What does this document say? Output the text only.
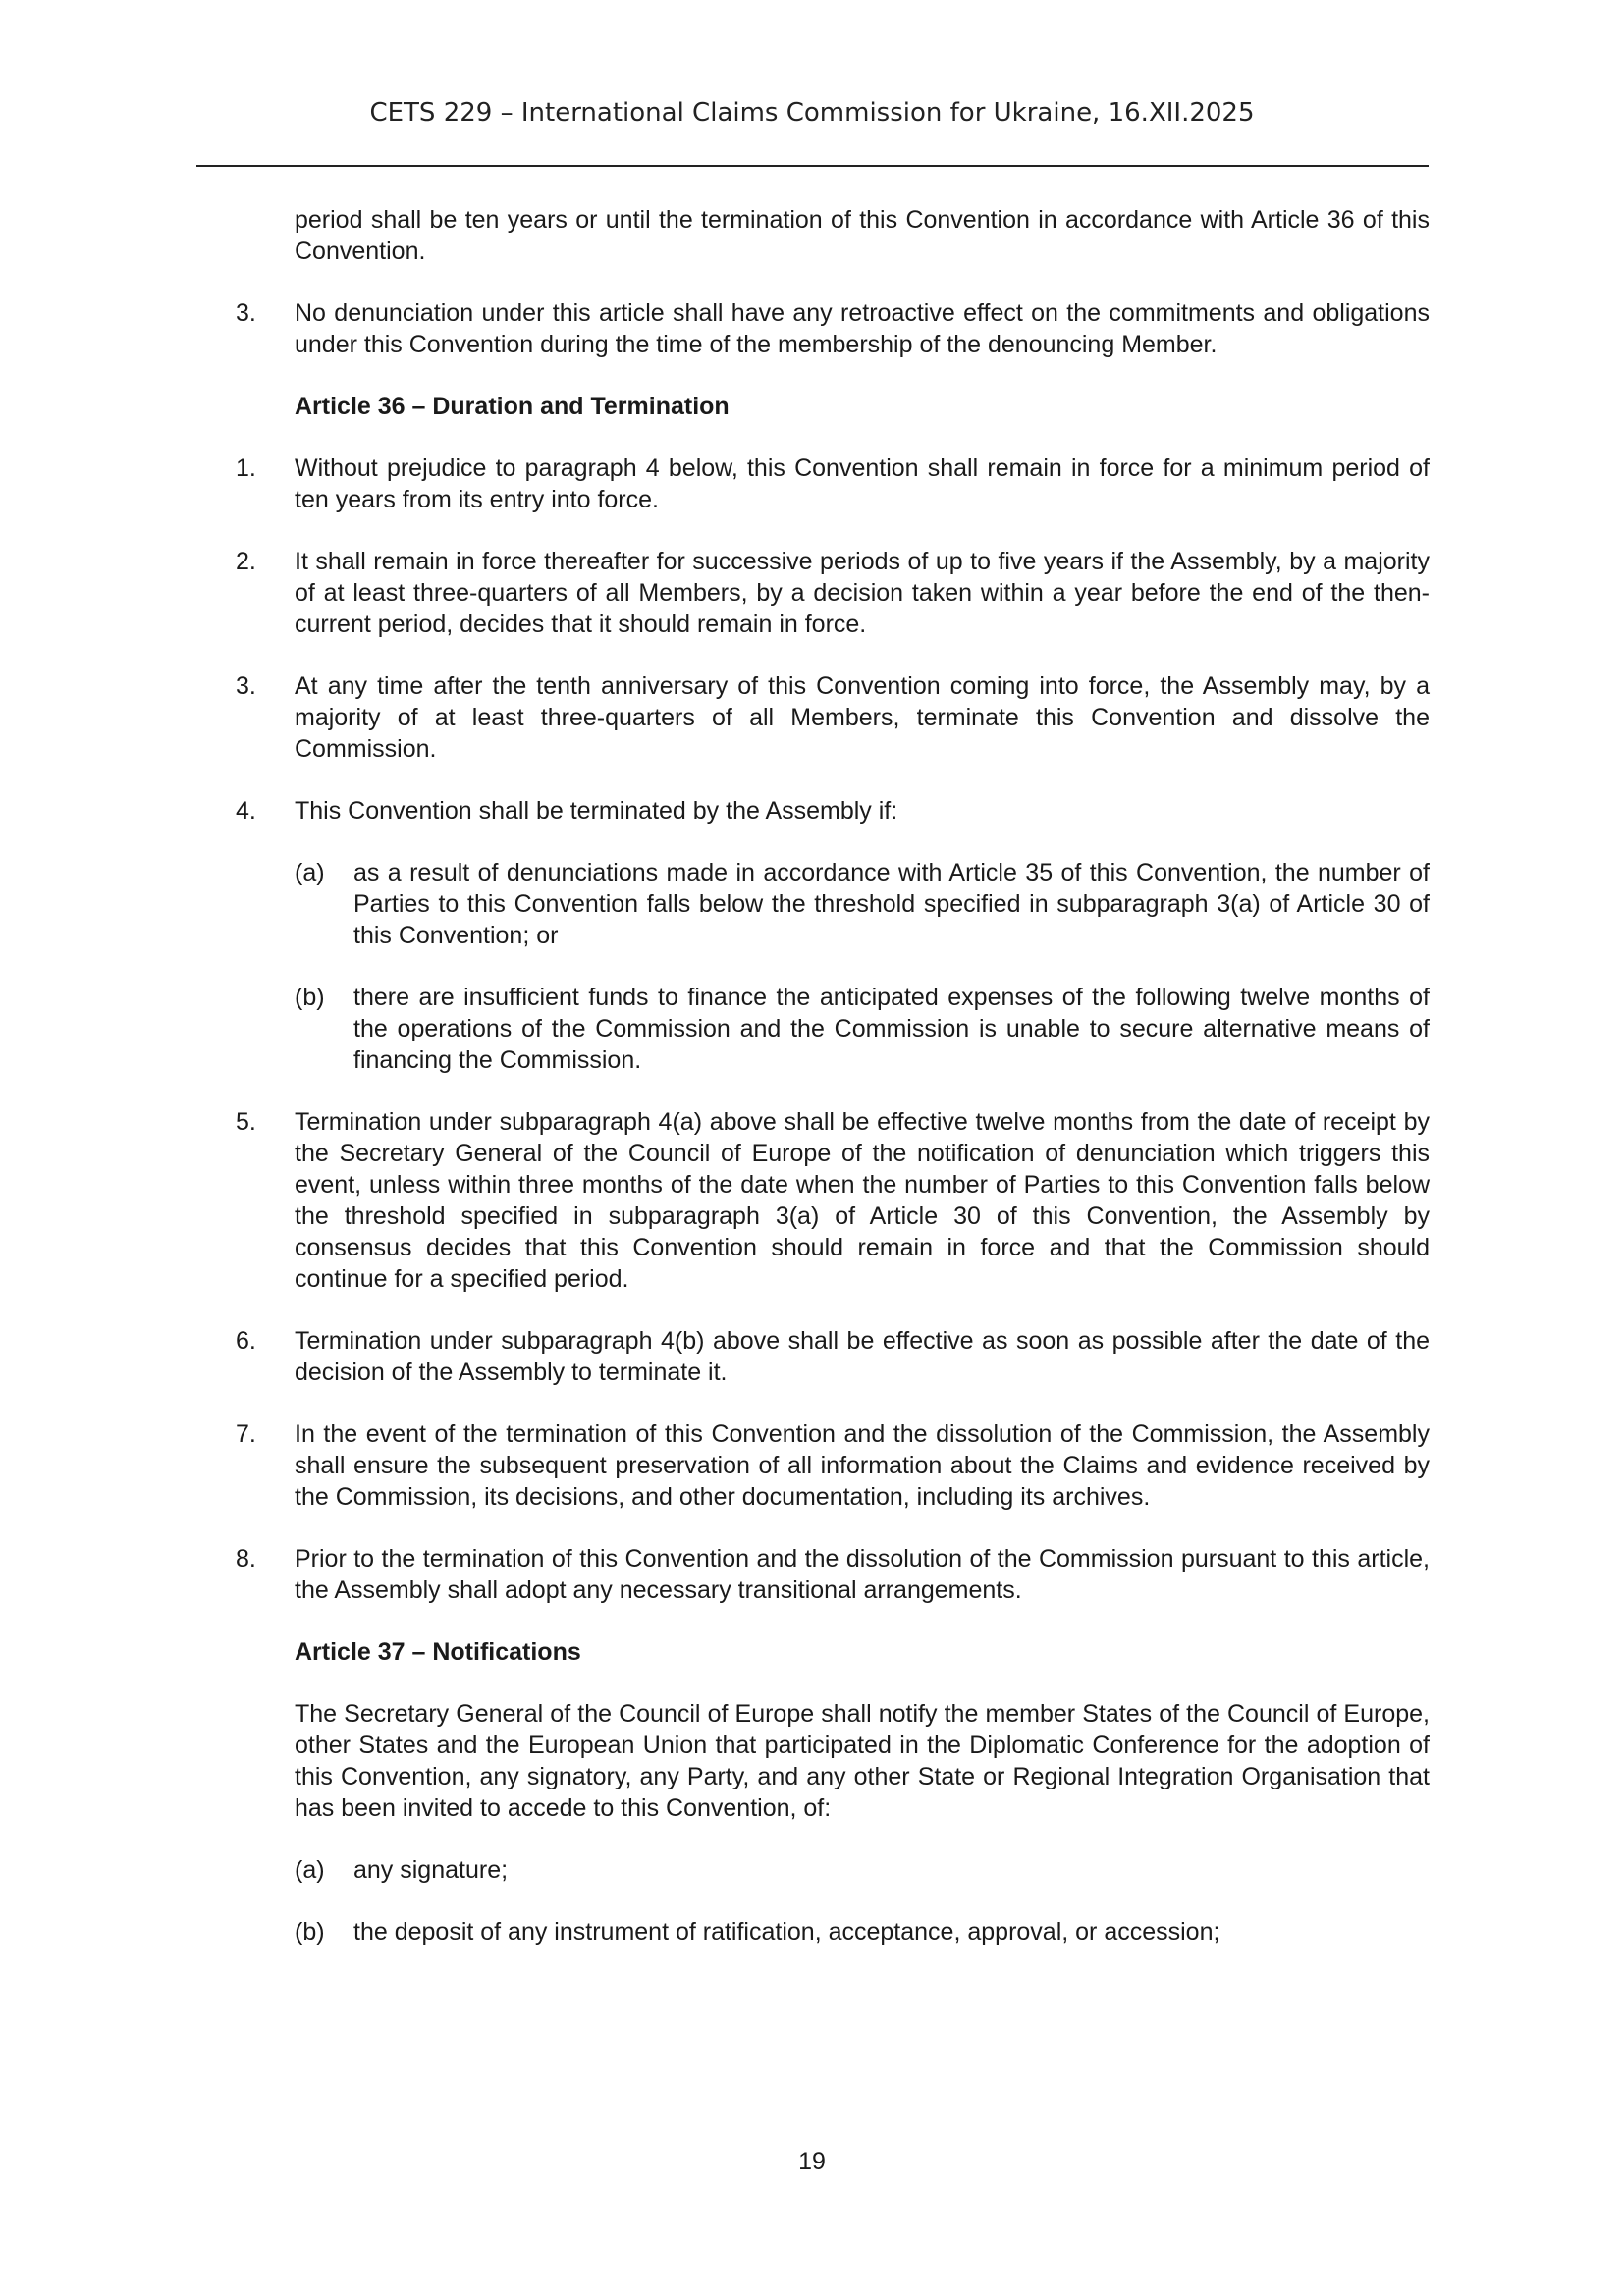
CETS 229 – International Claims Commission for Ukraine, 16.XII.2025

period shall be ten years or until the termination of this Convention in accordance with Article 36 of this Convention.

3.	No denunciation under this article shall have any retroactive effect on the commitments and obligations under this Convention during the time of the membership of the denouncing Member.
Article 36 – Duration and Termination
1.	Without prejudice to paragraph 4 below, this Convention shall remain in force for a minimum period of ten years from its entry into force.
2.	It shall remain in force thereafter for successive periods of up to five years if the Assembly, by a majority of at least three-quarters of all Members, by a decision taken within a year before the end of the then-current period, decides that it should remain in force.
3.	At any time after the tenth anniversary of this Convention coming into force, the Assembly may, by a majority of at least three-quarters of all Members, terminate this Convention and dissolve the Commission.
4.	This Convention shall be terminated by the Assembly if:
(a)	as a result of denunciations made in accordance with Article 35 of this Convention, the number of Parties to this Convention falls below the threshold specified in subparagraph 3(a) of Article 30 of this Convention; or
(b)	there are insufficient funds to finance the anticipated expenses of the following twelve months of the operations of the Commission and the Commission is unable to secure alternative means of financing the Commission.
5.	Termination under subparagraph 4(a) above shall be effective twelve months from the date of receipt by the Secretary General of the Council of Europe of the notification of denunciation which triggers this event, unless within three months of the date when the number of Parties to this Convention falls below the threshold specified in subparagraph 3(a) of Article 30 of this Convention, the Assembly by consensus decides that this Convention should remain in force and that the Commission should continue for a specified period.
6.	Termination under subparagraph 4(b) above shall be effective as soon as possible after the date of the decision of the Assembly to terminate it.
7.	In the event of the termination of this Convention and the dissolution of the Commission, the Assembly shall ensure the subsequent preservation of all information about the Claims and evidence received by the Commission, its decisions, and other documentation, including its archives.
8.	Prior to the termination of this Convention and the dissolution of the Commission pursuant to this article, the Assembly shall adopt any necessary transitional arrangements.
Article 37 – Notifications

The Secretary General of the Council of Europe shall notify the member States of the Council of Europe, other States and the European Union that participated in the Diplomatic Conference for the adoption of this Convention, any signatory, any Party, and any other State or Regional Integration Organisation that has been invited to accede to this Convention, of:

(a)	any signature;
(b)	the deposit of any instrument of ratification, acceptance, approval, or accession;
19
